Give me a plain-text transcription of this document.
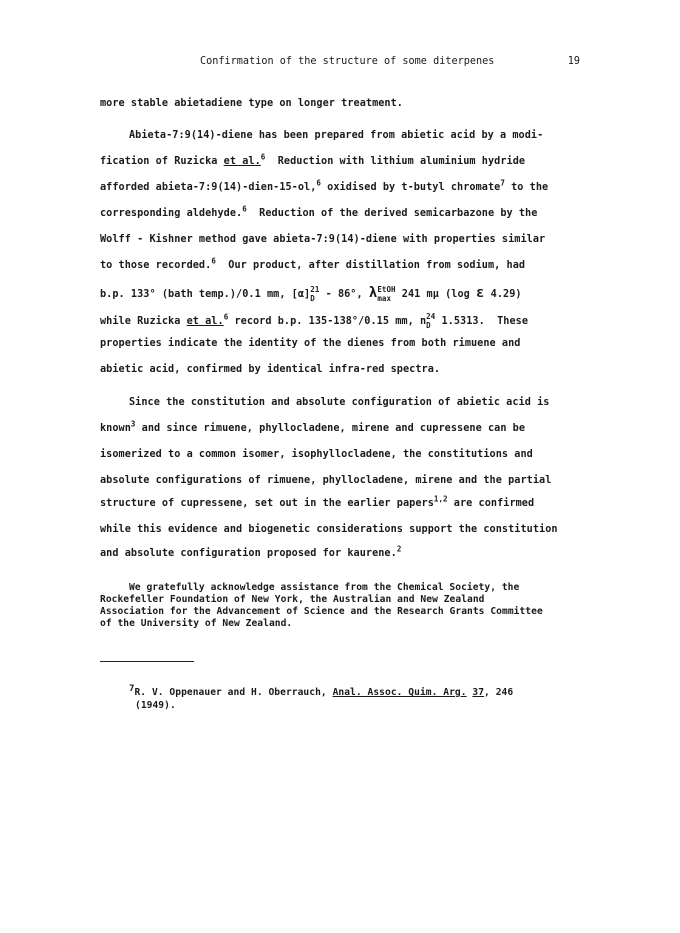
Confirmation of the structure of some diterpenes	19
more stable abietadiene type on longer treatment.
Abieta-7:9(14)-diene has been prepared from abietic acid by a modi-
fication of Ruzicka et al.$^6$  Reduction with lithium aluminium hydride
afforded abieta-7:9(14)-dien-15-ol,$^6$ oxidised by t-butyl chromate$^7$ to the
corresponding aldehyde.$^6$  Reduction of the derived semicarbazone by the
Wolff - Kishner method gave abieta-7:9(14)-diene with properties similar
to those recorded.$^6$  Our product, after distillation from sodium, had
b.p. 133° (bath temp.)/0.1 mm, [α] 21
D - 86°, λ EtOH
max 241 mμ (log ε 4.29)
while Ruzicka et al.$^6$ record b.p. 135-138°/0.15 mm, n 24
D 1.5313.  These
properties indicate the identity of the dienes from both rimuene and
abietic acid, confirmed by identical infra-red spectra.
Since the constitution and absolute configuration of abietic acid is
known$^3$ and since rimuene, phyllocladene, mirene and cupressene can be
isomerized to a common isomer, isophyllocladene, the constitutions and
absolute configurations of rimuene, phyllocladene, mirene and the partial
structure of cupressene, set out in the earlier papers$^{1,2}$ are confirmed
while this evidence and biogenetic considerations support the constitution
and absolute configuration proposed for kaurene.$^2$
We gratefully acknowledge assistance from the Chemical Society, the
Rockefeller Foundation of New York, the Australian and New Zealand
Association for the Advancement of Science and the Research Grants Committee
of the University of New Zealand.
$^7$R. V. Oppenauer and H. Oberrauch, Anal. Assoc. Quim. Arg. 37, 246
(1949).
